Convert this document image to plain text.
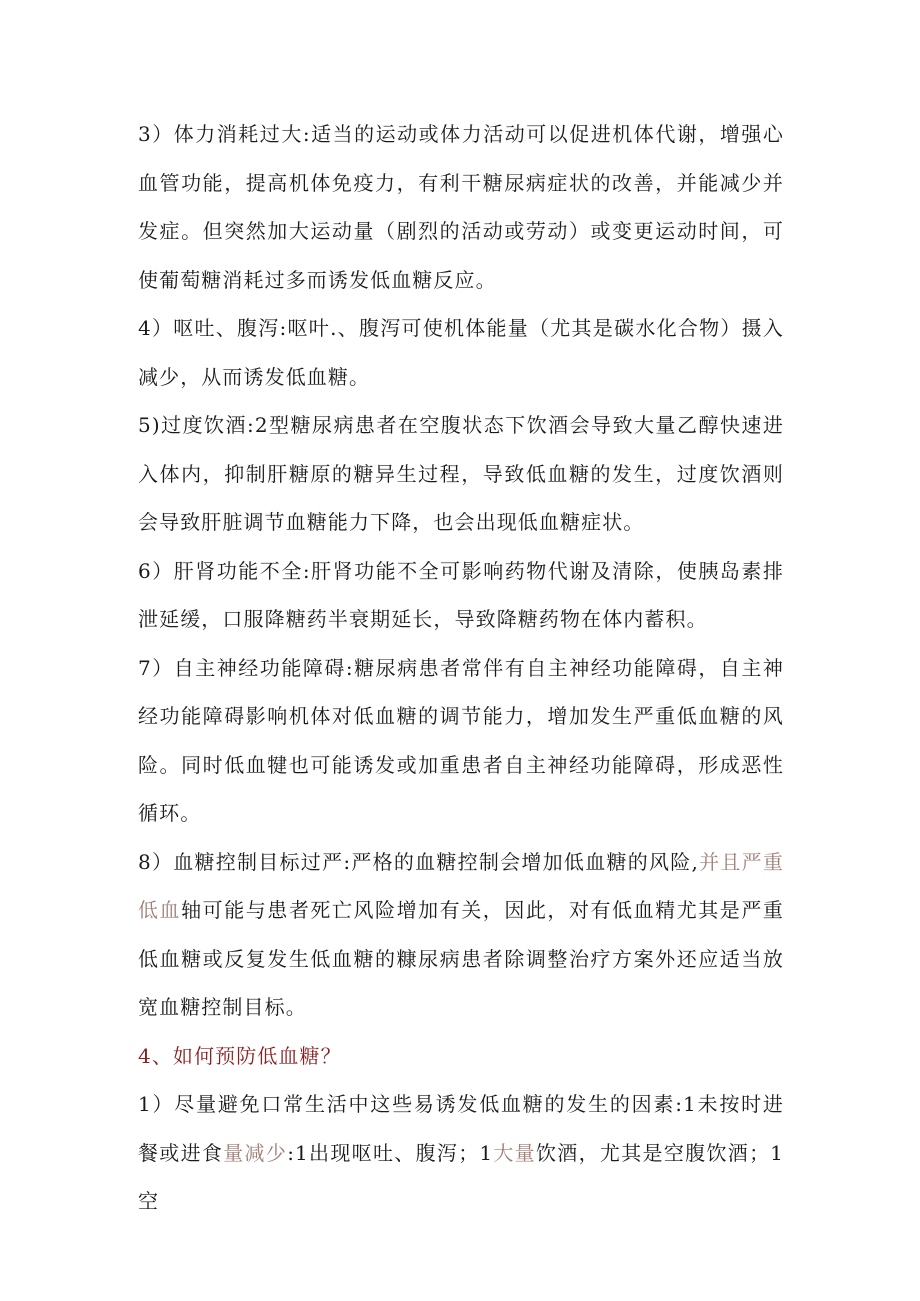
3）体力消耗过大:适当的运动或体力活动可以促进机体代谢，增强心血管功能，提高机体免疫力，有利干糖尿病症状的改善，并能减少并发症。但突然加大运动量（剧烈的活动或劳动）或变更运动时间，可使葡萄糖消耗过多而诱发低血糖反应。

4）呕吐、腹泻:呕叶.、腹泻可使机体能量（尤其是碳水化合物）摄入减少，从而诱发低血糖。

5)过度饮酒:2型糖尿病患者在空腹状态下饮酒会导致大量乙醇快速进入体内，抑制肝糖原的糖异生过程，导致低血糖的发生，过度饮酒则会导致肝脏调节血糖能力下降，也会出现低血糖症状。

6）肝肾功能不全:肝肾功能不全可影响药物代谢及清除，使胰岛素排泄延缓，口服降糖药半衰期延长，导致降糖药物在体内蓄积。

7）自主神经功能障碍:糖尿病患者常伴有自主神经功能障碍，自主神经功能障碍影响机体对低血糖的调节能力，增加发生严重低血糖的风险。同时低血犍也可能诱发或加重患者自主神经功能障碍，形成恶性循环。

8）血糖控制目标过严:严格的血糖控制会增加低血糖的风险,并且严重低血轴可能与患者死亡风险增加有关，因此，对有低血精尤其是严重低血糖或反复发生低血糖的糠尿病患者除调整治疗方案外还应适当放宽血糖控制目标。

4、如何预防低血糖？

1）尽量避免口常生活中这些易诱发低血糖的发生的因素:1未按时进餐或进食量减少:1出现呕吐、腹泻；1大量饮酒，尤其是空腹饮酒；1空
